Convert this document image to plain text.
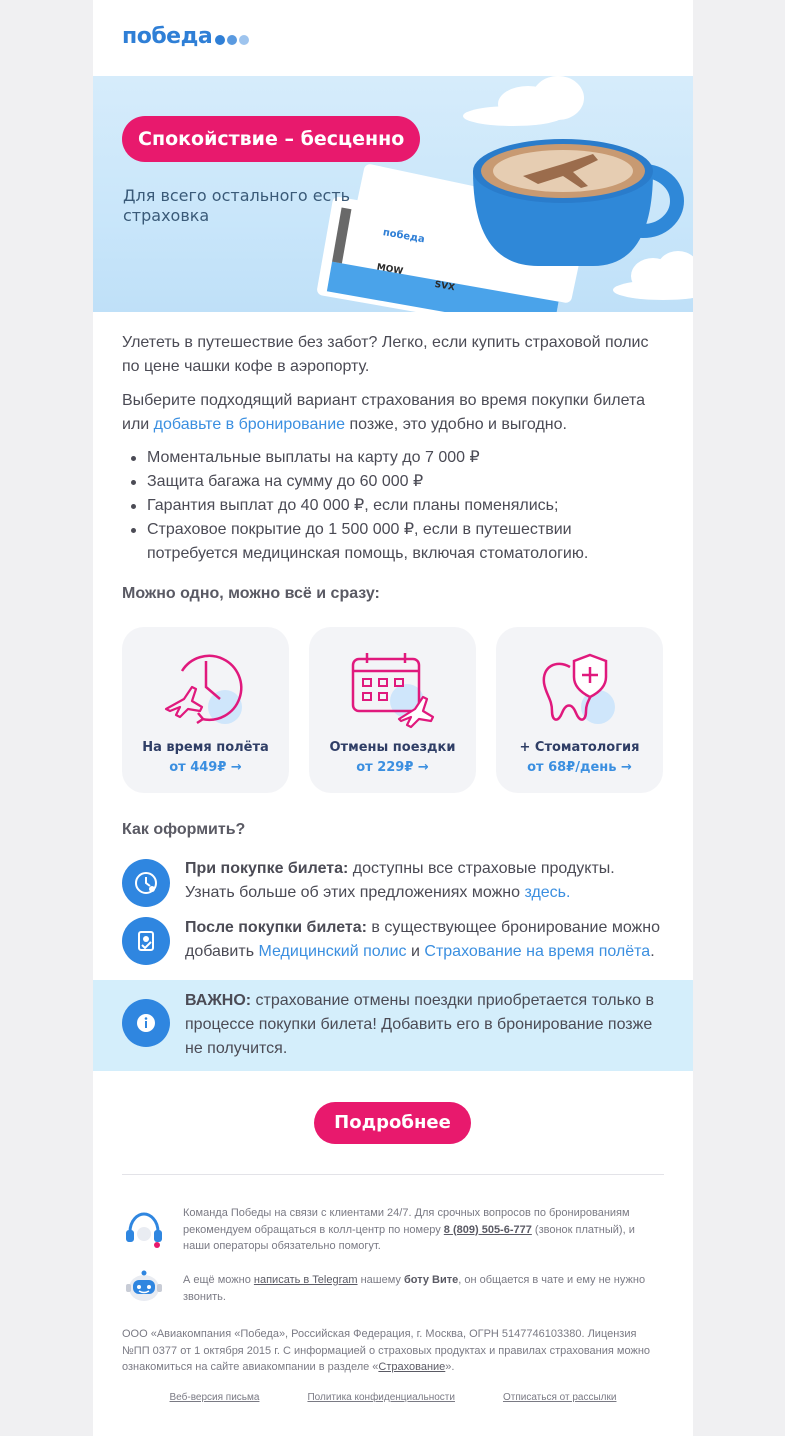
победа
победа
MOW
SVX
Спокойствие – бесценно
Для всего остального есть страховка
Улететь в путешествие без забот? Легко, если купить страховой полис по цене чашки кофе в аэропорту.
Выберите подходящий вариант страхования во время покупки билета или добавьте в бронирование позже, это удобно и выгодно.
Моментальные выплаты на карту до 7 000 ₽
Защита багажа на сумму до 60 000 ₽
Гарантия выплат до 40 000 ₽, если планы поменялись;
Страховое покрытие до 1 500 000 ₽, если в путешествии потребуется медицинская помощь, включая стоматологию.
Можно одно, можно всё и сразу:
На время полёта
от 449₽ →
Отмены поездки
от 229₽ →
+ Стоматология
от 68₽/день →
Как оформить?
При покупке билета: доступны все страховые продукты. Узнать больше об этих предложениях можно здесь.
После покупки билета: в существующее бронирование можно добавить Медицинский полис и Страхование на время полёта.
ВАЖНО: страхование отмены поездки приобретается только в процессе покупки билета! Добавить его в бронирование позже не получится.
Подробнее
Команда Победы на связи с клиентами 24/7. Для срочных вопросов по бронированиям рекомендуем обращаться в колл-центр по номеру 8 (809) 505-6-777 (звонок платный), и наши операторы обязательно помогут.
А ещё можно написать в Telegram нашему боту Вите, он общается в чате и ему не нужно звонить.
ООО «Авиакомпания «Победа», Российская Федерация, г. Москва, ОГРН 5147746103380. Лицензия №ПП 0377 от 1 октября 2015 г. С информацией о страховых продуктах и правилах страхования можно ознакомиться на сайте авиакомпании в разделе «Страхование».
Веб-версия письма	Политика конфиденциальности	Отписаться от рассылки
